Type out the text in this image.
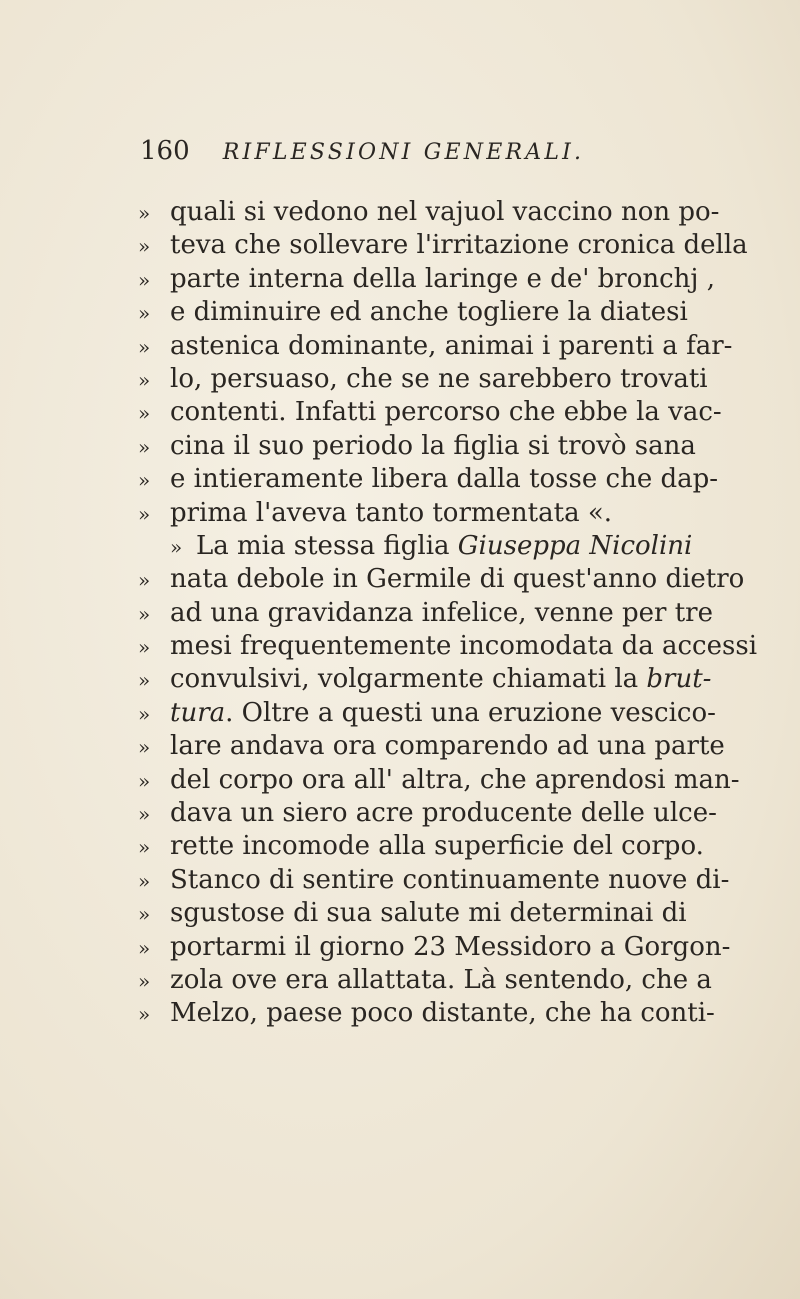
160 RIFLESSIONI GENERALI.
» quali si vedono nel vajuol vaccino non po-
» teva che sollevare l'irritazione cronica della
» parte interna della laringe e de' bronchj ,
» e diminuire ed anche togliere la diatesi
» astenica dominante, animai i parenti a far-
» lo, persuaso, che se ne sarebbero trovati
» contenti. Infatti percorso che ebbe la vac-
» cina il suo periodo la figlia si trovò sana
» e intieramente libera dalla tosse che dap-
» prima l'aveva tanto tormentata «.
» La mia stessa figlia Giuseppa Nicolini
» nata debole in Germile di quest'anno dietro
» ad una gravidanza infelice, venne per tre
» mesi frequentemente incomodata da accessi
» convulsivi, volgarmente chiamati la brut-
» tura. Oltre a questi una eruzione vescico-
» lare andava ora comparendo ad una parte
» del corpo ora all' altra, che aprendosi man-
» dava un siero acre producente delle ulce-
» rette incomode alla superficie del corpo.
» Stanco di sentire continuamente nuove di-
» sgustose di sua salute mi determinai di
» portarmi il giorno 23 Messidoro a Gorgon-
» zola ove era allattata. Là sentendo, che a
» Melzo, paese poco distante, che ha conti-
